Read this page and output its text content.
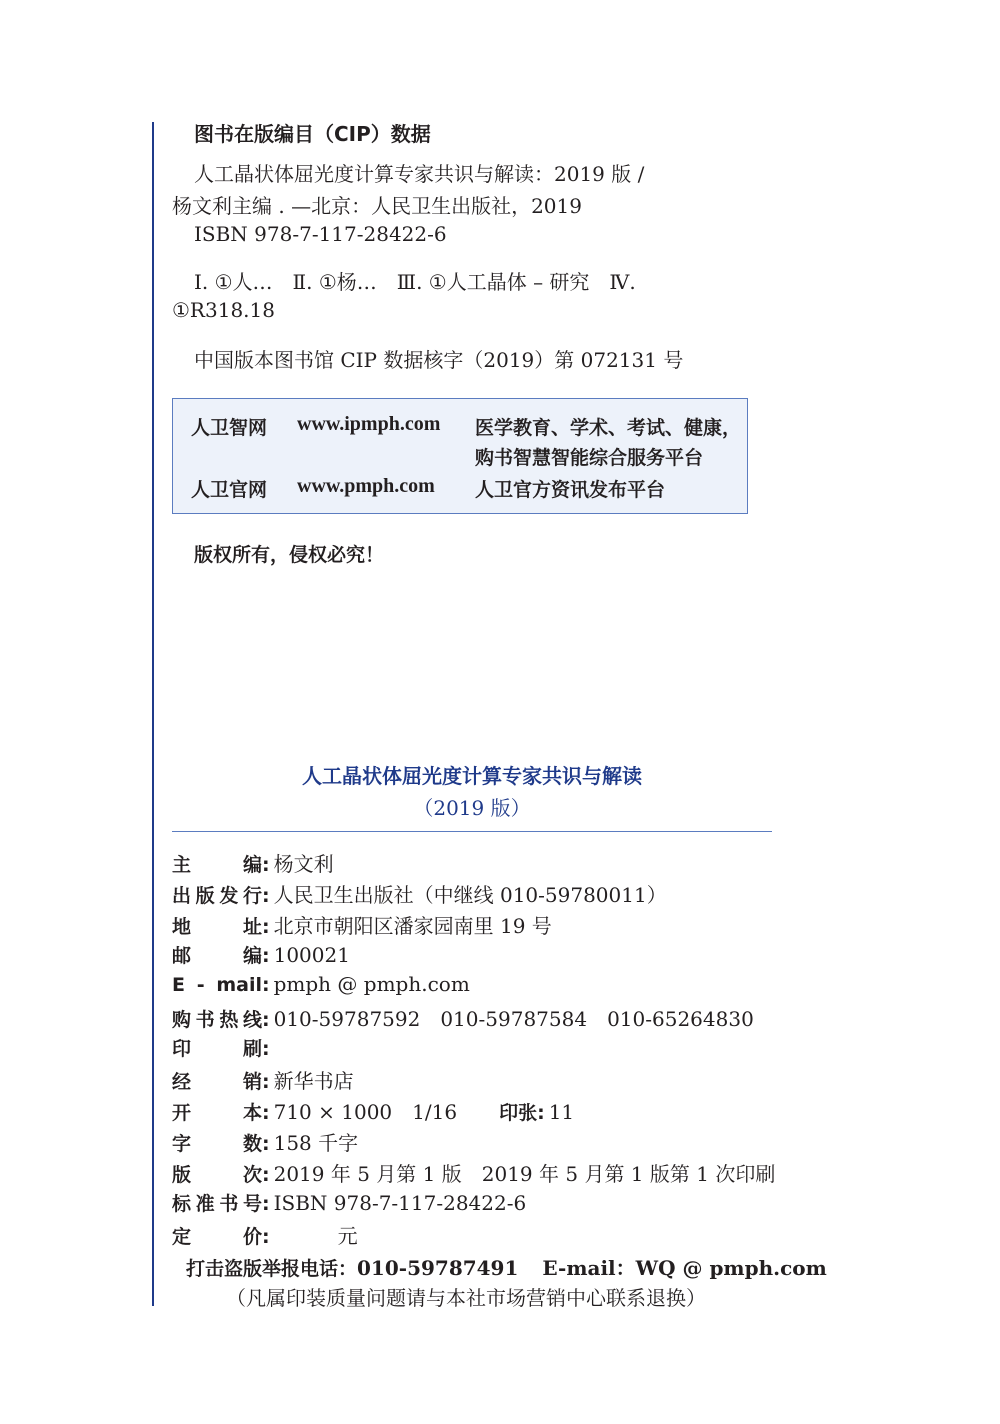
图书在版编目（CIP）数据
人工晶状体屈光度计算专家共识与解读：2019 版 /
杨文利主编 . —北京：人民卫生出版社，2019
ISBN 978-7-117-28422-6
Ⅰ. ①人…　Ⅱ. ①杨…　Ⅲ. ①人工晶体 – 研究　Ⅳ.
①R318.18
中国版本图书馆 CIP 数据核字（2019）第 072131 号
人卫智网 www.ipmph.com 医学教育、学术、考试、健康，
购书智慧智能综合服务平台
人卫官网 www.pmph.com 人卫官方资讯发布平台
版权所有，侵权必究！
人工晶状体屈光度计算专家共识与解读
（2019 版）
主编: 杨文利
出版发行: 人民卫生出版社（中继线 010-59780011）
地址: 北京市朝阳区潘家园南里 19 号
邮编: 100021
E - mail: pmph @ pmph.com
购书热线: 010-59787592　010-59787584　010-65264830
印刷:
经销: 新华书店
开本: 710 × 1000　1/16 印张: 11
字数: 158 千字
版次: 2019 年 5 月第 1 版　2019 年 5 月第 1 版第 1 次印刷
标准书号: ISBN 978-7-117-28422-6
定价:	元
打击盗版举报电话：010-59787491 E-mail：WQ @ pmph.com
（凡属印装质量问题请与本社市场营销中心联系退换）
